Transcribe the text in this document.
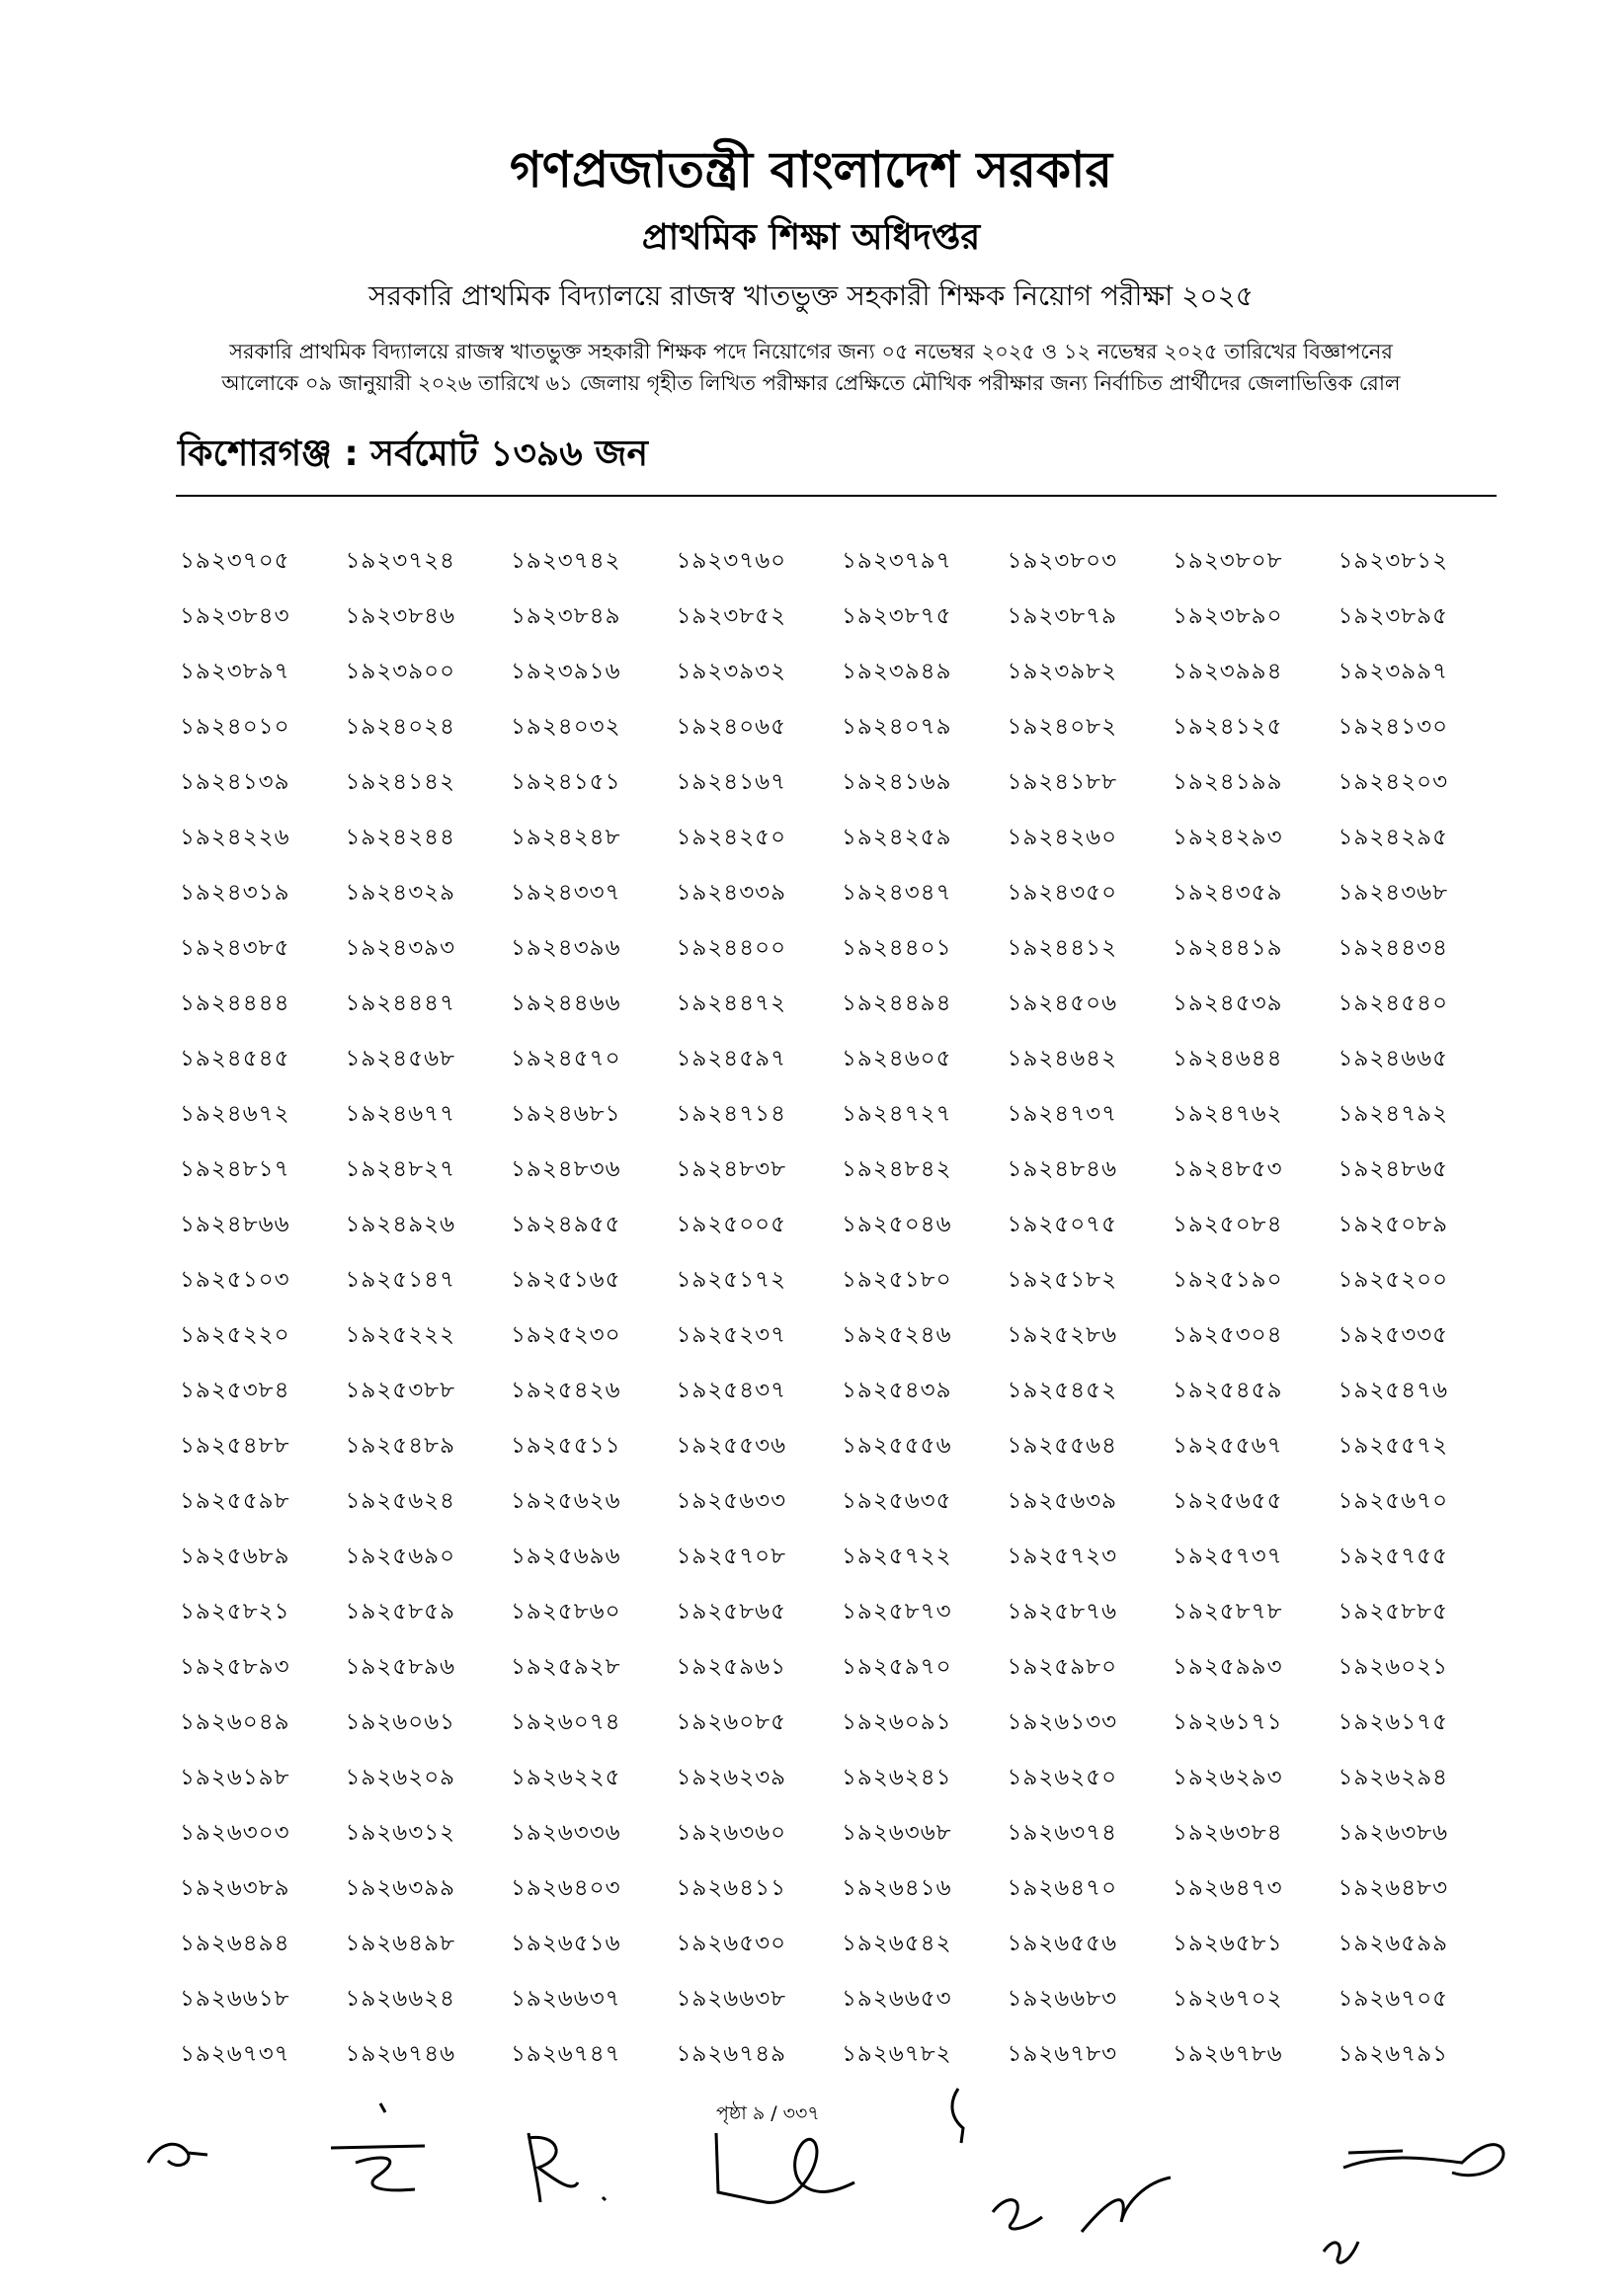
গণপ্রজাতন্ত্রী বাংলাদেশ সরকার
প্রাথমিক শিক্ষা অধিদপ্তর
সরকারি প্রাথমিক বিদ্যালয়ে রাজস্ব খাতভুক্ত সহকারী শিক্ষক নিয়োগ পরীক্ষা ২০২৫
সরকারি প্রাথমিক বিদ্যালয়ে রাজস্ব খাতভুক্ত সহকারী শিক্ষক পদে নিয়োগের জন্য ০৫ নভেম্বর ২০২৫ ও ১২ নভেম্বর ২০২৫ তারিখের বিজ্ঞাপনের
আলোকে ০৯ জানুয়ারী ২০২৬ তারিখে ৬১ জেলায় গৃহীত লিখিত পরীক্ষার প্রেক্ষিতে মৌখিক পরীক্ষার জন্য নির্বাচিত প্রার্থীদের জেলাভিত্তিক রোল
কিশোরগঞ্জ : সর্বমোট ১৩৯৬ জন
১৯২৩৭০৫	১৯২৩৭২৪	১৯২৩৭৪২	১৯২৩৭৬০	১৯২৩৭৯৭	১৯২৩৮০৩	১৯২৩৮০৮	১৯২৩৮১২
১৯২৩৮৪৩	১৯২৩৮৪৬	১৯২৩৮৪৯	১৯২৩৮৫২	১৯২৩৮৭৫	১৯২৩৮৭৯	১৯২৩৮৯০	১৯২৩৮৯৫
১৯২৩৮৯৭	১৯২৩৯০০	১৯২৩৯১৬	১৯২৩৯৩২	১৯২৩৯৪৯	১৯২৩৯৮২	১৯২৩৯৯৪	১৯২৩৯৯৭
১৯২৪০১০	১৯২৪০২৪	১৯২৪০৩২	১৯২৪০৬৫	১৯২৪০৭৯	১৯২৪০৮২	১৯২৪১২৫	১৯২৪১৩০
১৯২৪১৩৯	১৯২৪১৪২	১৯২৪১৫১	১৯২৪১৬৭	১৯২৪১৬৯	১৯২৪১৮৮	১৯২৪১৯৯	১৯২৪২০৩
১৯২৪২২৬	১৯২৪২৪৪	১৯২৪২৪৮	১৯২৪২৫০	১৯২৪২৫৯	১৯২৪২৬০	১৯২৪২৯৩	১৯২৪২৯৫
১৯২৪৩১৯	১৯২৪৩২৯	১৯২৪৩৩৭	১৯২৪৩৩৯	১৯২৪৩৪৭	১৯২৪৩৫০	১৯২৪৩৫৯	১৯২৪৩৬৮
১৯২৪৩৮৫	১৯২৪৩৯৩	১৯২৪৩৯৬	১৯২৪৪০০	১৯২৪৪০১	১৯২৪৪১২	১৯২৪৪১৯	১৯২৪৪৩৪
১৯২৪৪৪৪	১৯২৪৪৪৭	১৯২৪৪৬৬	১৯২৪৪৭২	১৯২৪৪৯৪	১৯২৪৫০৬	১৯২৪৫৩৯	১৯২৪৫৪০
১৯২৪৫৪৫	১৯২৪৫৬৮	১৯২৪৫৭০	১৯২৪৫৯৭	১৯২৪৬০৫	১৯২৪৬৪২	১৯২৪৬৪৪	১৯২৪৬৬৫
১৯২৪৬৭২	১৯২৪৬৭৭	১৯২৪৬৮১	১৯২৪৭১৪	১৯২৪৭২৭	১৯২৪৭৩৭	১৯২৪৭৬২	১৯২৪৭৯২
১৯২৪৮১৭	১৯২৪৮২৭	১৯২৪৮৩৬	১৯২৪৮৩৮	১৯২৪৮৪২	১৯২৪৮৪৬	১৯২৪৮৫৩	১৯২৪৮৬৫
১৯২৪৮৬৬	১৯২৪৯২৬	১৯২৪৯৫৫	১৯২৫০০৫	১৯২৫০৪৬	১৯২৫০৭৫	১৯২৫০৮৪	১৯২৫০৮৯
১৯২৫১০৩	১৯২৫১৪৭	১৯২৫১৬৫	১৯২৫১৭২	১৯২৫১৮০	১৯২৫১৮২	১৯২৫১৯০	১৯২৫২০০
১৯২৫২২০	১৯২৫২২২	১৯২৫২৩০	১৯২৫২৩৭	১৯২৫২৪৬	১৯২৫২৮৬	১৯২৫৩০৪	১৯২৫৩৩৫
১৯২৫৩৮৪	১৯২৫৩৮৮	১৯২৫৪২৬	১৯২৫৪৩৭	১৯২৫৪৩৯	১৯২৫৪৫২	১৯২৫৪৫৯	১৯২৫৪৭৬
১৯২৫৪৮৮	১৯২৫৪৮৯	১৯২৫৫১১	১৯২৫৫৩৬	১৯২৫৫৫৬	১৯২৫৫৬৪	১৯২৫৫৬৭	১৯২৫৫৭২
১৯২৫৫৯৮	১৯২৫৬২৪	১৯২৫৬২৬	১৯২৫৬৩৩	১৯২৫৬৩৫	১৯২৫৬৩৯	১৯২৫৬৫৫	১৯২৫৬৭০
১৯২৫৬৮৯	১৯২৫৬৯০	১৯২৫৬৯৬	১৯২৫৭০৮	১৯২৫৭২২	১৯২৫৭২৩	১৯২৫৭৩৭	১৯২৫৭৫৫
১৯২৫৮২১	১৯২৫৮৫৯	১৯২৫৮৬০	১৯২৫৮৬৫	১৯২৫৮৭৩	১৯২৫৮৭৬	১৯২৫৮৭৮	১৯২৫৮৮৫
১৯২৫৮৯৩	১৯২৫৮৯৬	১৯২৫৯২৮	১৯২৫৯৬১	১৯২৫৯৭০	১৯২৫৯৮০	১৯২৫৯৯৩	১৯২৬০২১
১৯২৬০৪৯	১৯২৬০৬১	১৯২৬০৭৪	১৯২৬০৮৫	১৯২৬০৯১	১৯২৬১৩৩	১৯২৬১৭১	১৯২৬১৭৫
১৯২৬১৯৮	১৯২৬২০৯	১৯২৬২২৫	১৯২৬২৩৯	১৯২৬২৪১	১৯২৬২৫০	১৯২৬২৯৩	১৯২৬২৯৪
১৯২৬৩০৩	১৯২৬৩১২	১৯২৬৩৩৬	১৯২৬৩৬০	১৯২৬৩৬৮	১৯২৬৩৭৪	১৯২৬৩৮৪	১৯২৬৩৮৬
১৯২৬৩৮৯	১৯২৬৩৯৯	১৯২৬৪০৩	১৯২৬৪১১	১৯২৬৪১৬	১৯২৬৪৭০	১৯২৬৪৭৩	১৯২৬৪৮৩
১৯২৬৪৯৪	১৯২৬৪৯৮	১৯২৬৫১৬	১৯২৬৫৩০	১৯২৬৫৪২	১৯২৬৫৫৬	১৯২৬৫৮১	১৯২৬৫৯৯
১৯২৬৬১৮	১৯২৬৬২৪	১৯২৬৬৩৭	১৯২৬৬৩৮	১৯২৬৬৫৩	১৯২৬৬৮৩	১৯২৬৭০২	১৯২৬৭০৫
১৯২৬৭৩৭	১৯২৬৭৪৬	১৯২৬৭৪৭	১৯২৬৭৪৯	১৯২৬৭৮২	১৯২৬৭৮৩	১৯২৬৭৮৬	১৯২৬৭৯১
পৃষ্ঠা ৯ / ৩৩৭
